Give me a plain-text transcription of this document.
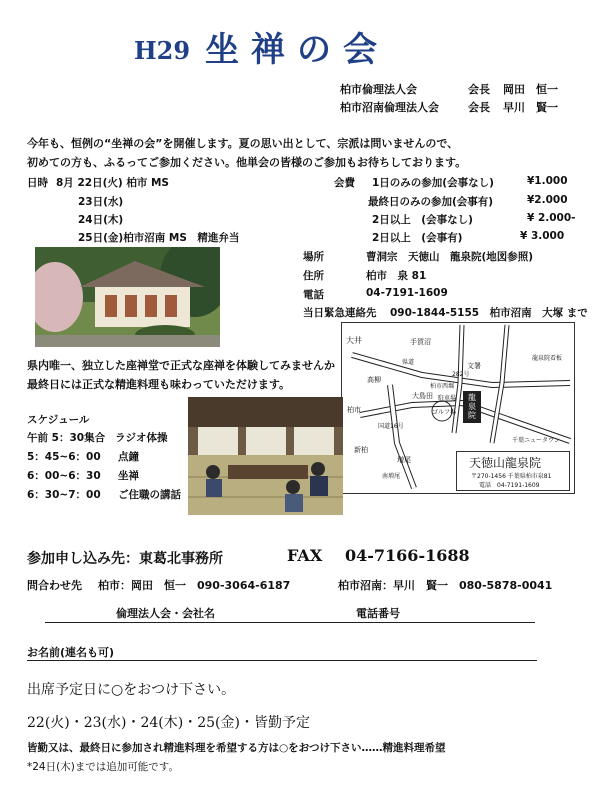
H29 坐禅の会
柏市倫理法人会	会長 岡田　恒一
柏市沼南倫理法人会	会長 早川　賢一
今年も、恒例の“坐禅の会”を開催します。夏の思い出として、宗派は問いませんので、
初めての方も、ふるってご参加ください。他単会の皆様のご参加もお待ちしております。
日時 8月 22日(火) 柏市 MS
23日(水)
24日(木)
25日(金)柏市沼南 MS　精進弁当
会費 1日のみの参加(会事なし)	¥1.000
最終日のみの参加(会事有)	¥2.000
2日以上　(会事なし)	¥ 2.000-
2日以上　(会事有)	¥ 3.000
場所	曹洞宗　天徳山　龍泉院(地図参照)
住所	柏市　泉 81
電話	04-7191-1609
当日緊急連絡先 090-1844-5155　柏市沼南　大塚 まで
大井	手賀沼
文署
柏市西堀
282号
高柳
国道16号
県道
大島田
柏市
龍泉院看板
新柏
駐車場
ゴルフ場
千葉ニュータウン
増尾
南増尾
龍泉院
天徳山龍泉院
〒270-1456 千葉県柏市泉81
電話　04-7191-1609
県内唯一、独立した座禅堂で正式な座禅を体験してみませんか
最終日には正式な精進料理も味わっていただけます。
スケジュール
午前 5：30集合 ラジオ体操
5：45~6：00 点鐘
6：00~6：30 坐禅
6：30~7：00 ご住職の講話
参加申し込み先：東葛北事務所	FAX 04-7166-1688
問合わせ先 柏市：岡田　恒一　090-3064-6187	柏市沼南：早川　賢一　080-5878-0041
倫理法人会・会社名	電話番号
お名前(連名も可)
出席予定日に○をおつけ下さい。
22(火)・23(水)・24(木)・25(金)・皆勤予定
皆勤又は、最終日に参加され精進料理を希望する方は○をおつけ下さい……精進料理希望
*24日(木)までは追加可能です。
